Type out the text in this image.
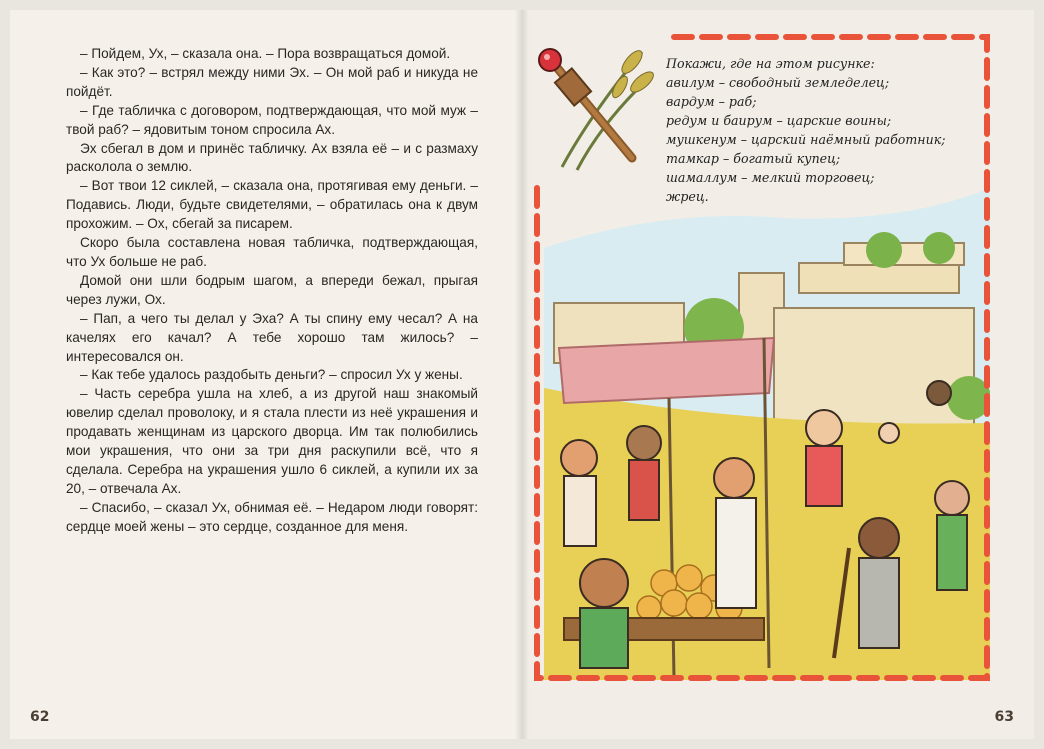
– Пойдем, Ух, – сказала она. – Пора возвращаться домой.

– Как это? – встрял между ними Эх. – Он мой раб и никуда не пойдёт.

– Где табличка с договором, подтверждающая, что мой муж – твой раб? – ядовитым тоном спросила Ах.

Эх сбегал в дом и принёс табличку. Ах взяла её – и с размаху расколола о землю.

– Вот твои 12 сиклей, – сказала она, протягивая ему деньги. – Подавись. Люди, будьте свидетелями, – обратилась она к двум прохожим. – Ох, сбегай за писарем.

Скоро была составлена новая табличка, подтверждающая, что Ух больше не раб.

Домой они шли бодрым шагом, а впереди бежал, прыгая через лужи, Ох.

– Пап, а чего ты делал у Эха? А ты спину ему чесал? А на качелях его качал? А тебе хорошо там жилось? – интересовался он.

– Как тебе удалось раздобыть деньги? – спросил Ух у жены.

– Часть серебра ушла на хлеб, а из другой наш знакомый ювелир сделал проволоку, и я стала плести из неё украшения и продавать женщинам из царского дворца. Им так полюбились мои украшения, что они за три дня раскупили всё, что я сделала. Серебра на украшения ушло 6 сиклей, а купили их за 20, – отвечала Ах.

– Спасибо, – сказал Ух, обнимая её. – Недаром люди говорят: сердце моей жены – это сердце, созданное для меня.

62	63

Покажи, где на этом рисунке:

авилум – свободный земледелец;

вардум – раб;

редум и баирум – царские воины;

мушкенум – царский наёмный работник;

тамкар – богатый купец;

шамаллум – мелкий торговец;

жрец.
